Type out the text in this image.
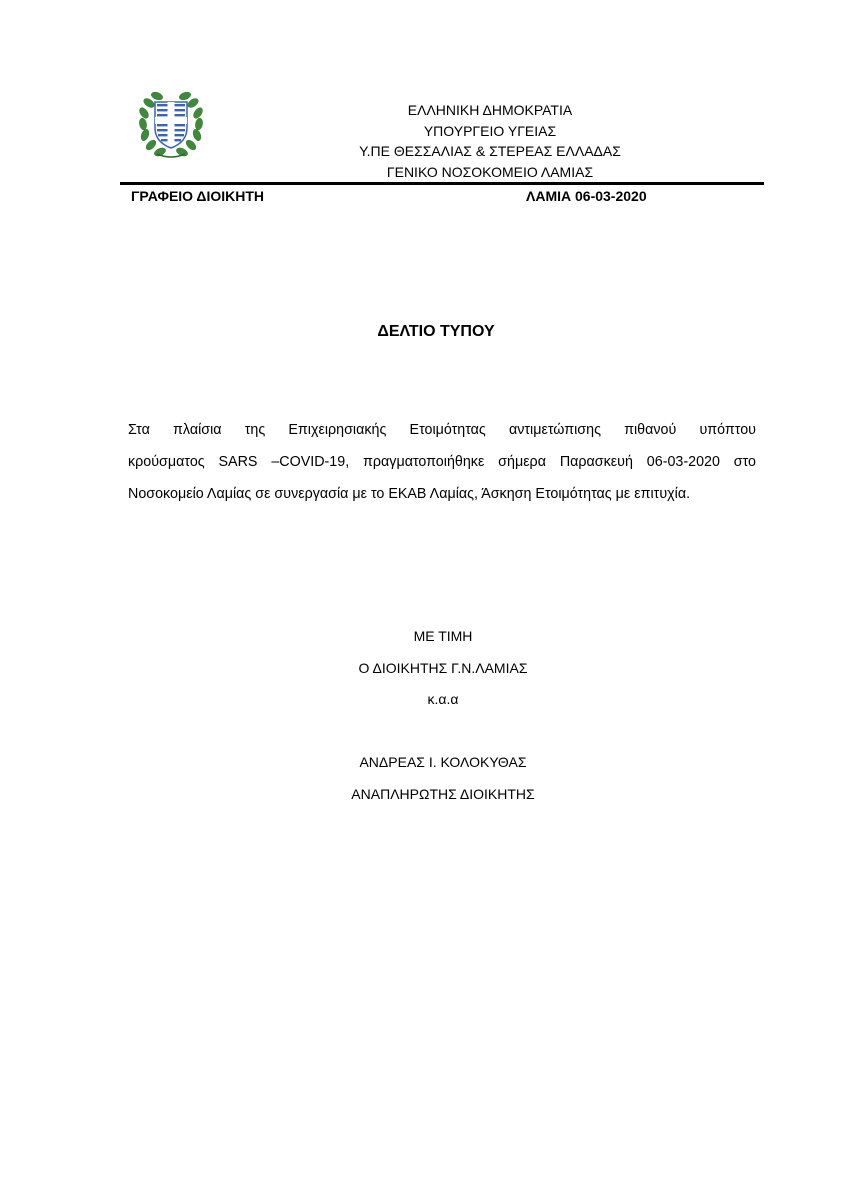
ΕΛΛΗΝΙΚΗ ΔΗΜΟΚΡΑΤΙΑ
ΥΠΟΥΡΓΕΙΟ ΥΓΕΙΑΣ
Υ.ΠΕ ΘΕΣΣΑΛΙΑΣ & ΣΤΕΡΕΑΣ ΕΛΛΑΔΑΣ
ΓΕΝΙΚΟ ΝΟΣΟΚΟΜΕΙΟ ΛΑΜΙΑΣ
ΓΡΑΦΕΙΟ ΔΙΟΙΚΗΤΗ	ΛΑΜΙΑ 06-03-2020
ΔΕΛΤΙΟ ΤΥΠΟΥ
Στα πλαίσια της Επιχειρησιακής Ετοιμότητας αντιμετώπισης πιθανού υπόπτου
κρούσματος SARS –COVID-19, πραγματοποιήθηκε σήμερα Παρασκευή 06-03-2020 στο
Νοσοκομείο Λαμίας σε συνεργασία με το ΕΚΑΒ Λαμίας, Άσκηση Ετοιμότητας με επιτυχία.
ΜΕ ΤΙΜΗ
Ο ΔΙΟΙΚΗΤΗΣ Γ.Ν.ΛΑΜΙΑΣ
κ.α.α
ΑΝΔΡΕΑΣ Ι. ΚΟΛΟΚΥΘΑΣ
ΑΝΑΠΛΗΡΩΤΗΣ ΔΙΟΙΚΗΤΗΣ
